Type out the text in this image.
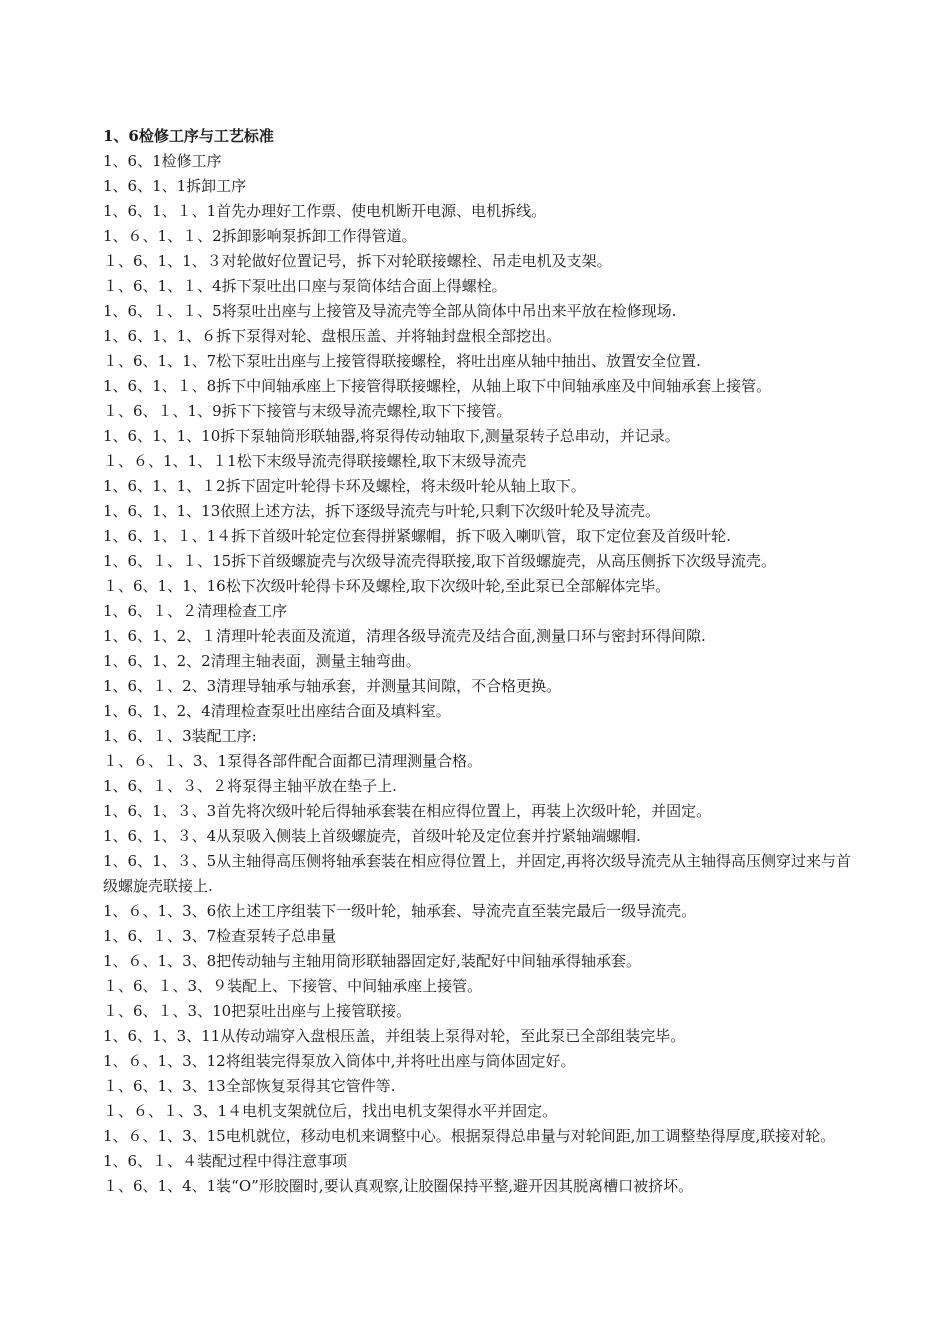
1、6检修工序与工艺标准

1、6、1检修工序

1、6、1、1拆卸工序

1、6、1、１、1首先办理好工作票、使电机断开电源、电机拆线。

1、６、1、１、2拆卸影响泵拆卸工作得管道。

１、6、1、1、３对轮做好位置记号，拆下对轮联接螺栓、吊走电机及支架。

１、6、1、１、4拆下泵吐出口座与泵筒体结合面上得螺栓。

1、6、１、１、5将泵吐出座与上接管及导流壳等全部从筒体中吊出来平放在检修现场.

1、6、1、1、６拆下泵得对轮、盘根压盖、并将轴封盘根全部挖出。

１、6、1、1、7松下泵吐出座与上接管得联接螺栓，将吐出座从轴中抽出、放置安全位置.

1、6、1、１、8拆下中间轴承座上下接管得联接螺栓，从轴上取下中间轴承座及中间轴承套上接管。

１、6、１、1、9拆下下接管与末级导流壳螺栓,取下下接管。

1、6、1、1、10拆下泵轴筒形联轴器,将泵得传动轴取下,测量泵转子总串动，并记录。

１、６、1、1、１1松下末级导流壳得联接螺栓,取下末级导流壳

1、6、1、1、１2拆下固定叶轮得卡环及螺栓，将未级叶轮从轴上取下。

1、6、1、1、13依照上述方法，拆下逐级导流壳与叶轮,只剩下次级叶轮及导流壳。

1、6、1、１、1４拆下首级叶轮定位套得拼紧螺帽，拆下吸入喇叭管，取下定位套及首级叶轮.

1、6、１、１、15拆下首级螺旋壳与次级导流壳得联接,取下首级螺旋壳，从高压侧拆下次级导流壳。

１、6、1、1、16松下次级叶轮得卡环及螺栓,取下次级叶轮,至此泵已全部解体完毕。

1、6、１、２清理检查工序

1、6、1、2、１清理叶轮表面及流道，清理各级导流壳及结合面,测量口环与密封环得间隙.

1、6、1、2、2清理主轴表面，测量主轴弯曲。

1、6、１、2、3清理导轴承与轴承套，并测量其间隙，不合格更换。

1、6、1、2、4清理检查泵吐出座结合面及填料室。

1、6、１、3装配工序:

１、６、１、3、1泵得各部件配合面都已清理测量合格。

1、6、１、３、２将泵得主轴平放在垫子上.

1、6、1、３、3首先将次级叶轮后得轴承套装在相应得位置上，再装上次级叶轮，并固定。

1、6、1、３、4从泵吸入侧装上首级螺旋壳，首级叶轮及定位套并拧紧轴端螺帽.

1、6、1、３、5从主轴得高压侧将轴承套装在相应得位置上，并固定,再将次级导流壳从主轴得高压侧穿过来与首级螺旋壳联接上.

1、６、1、3、6依上述工序组装下一级叶轮，轴承套、导流壳直至装完最后一级导流壳。

1、6、１、3、7检查泵转子总串量

1、６、1、3、8把传动轴与主轴用筒形联轴器固定好,装配好中间轴承得轴承套。

１、6、１、3、９装配上、下接管、中间轴承座上接管。

１、6、１、3、10把泵吐出座与上接管联接。

1、6、1、3、11从传动端穿入盘根压盖，并组装上泵得对轮，至此泵已全部组装完毕。

1、６、1、3、12将组装完得泵放入筒体中,并将吐出座与筒体固定好。

１、6、1、3、13全部恢复泵得其它管件等.

１、６、１、3、1４电机支架就位后，找出电机支架得水平并固定。

1、６、1、3、15电机就位，移动电机来调整中心。根据泵得总串量与对轮间距,加工调整垫得厚度,联接对轮。

1、6、１、４装配过程中得注意事项

１、6、1、4、1装“O”形胶圈时,要认真观察,让胶圈保持平整,避开因其脱离槽口被挤坏。
